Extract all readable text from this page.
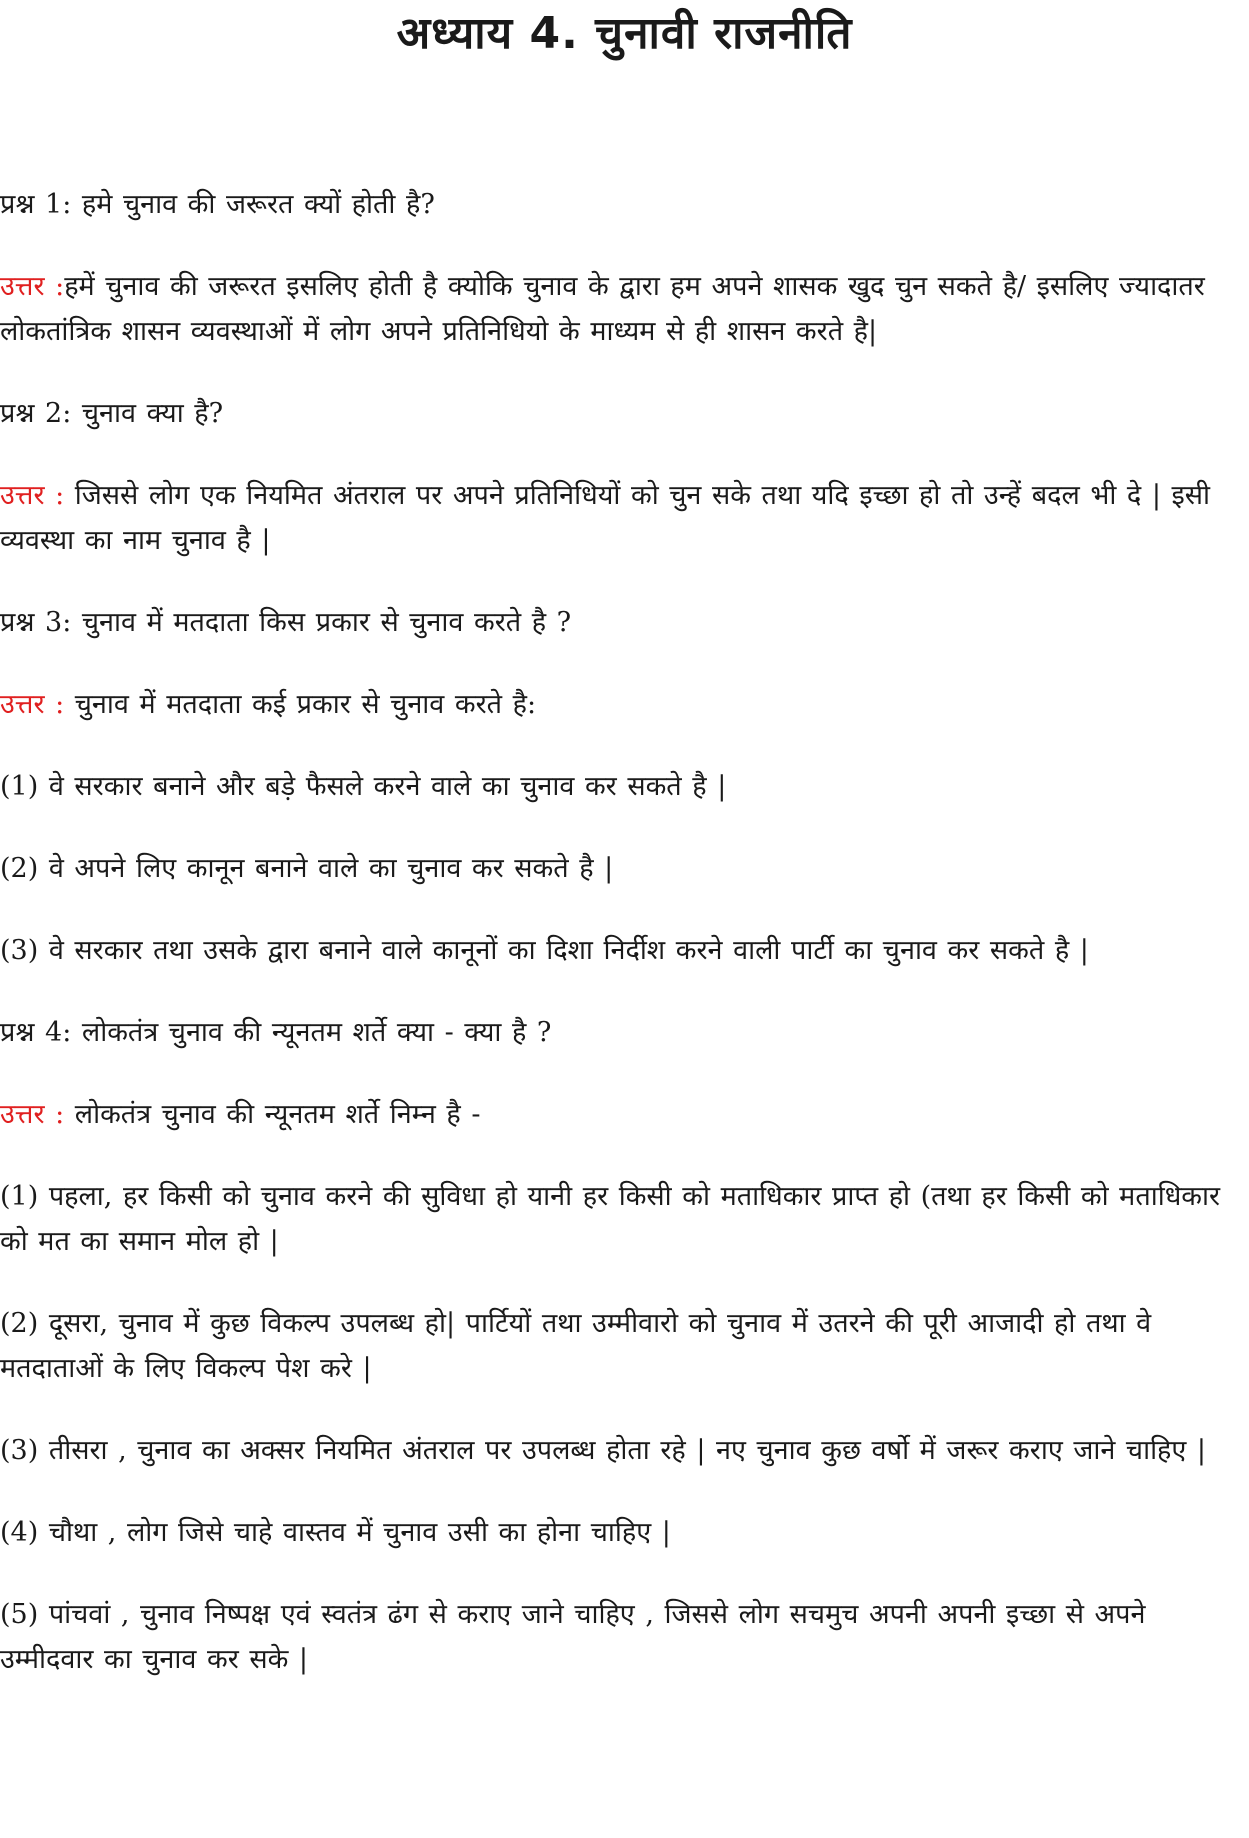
अध्याय 4. चुनावी राजनीति

प्रश्न 1: हमे चुनाव की जरूरत क्यों होती है?

उत्तर :हमें चुनाव की जरूरत इसलिए होती है क्योकि चुनाव के द्वारा हम अपने शासक खुद चुन सकते है/ इसलिए ज्यादातर लोकतांत्रिक शासन व्यवस्थाओं में लोग अपने प्रतिनिधियो के माध्यम से ही शासन करते है|

प्रश्न 2: चुनाव क्या है?

उत्तर : जिससे लोग एक नियमित अंतराल पर अपने प्रतिनिधियों को चुन सके तथा यदि इच्छा हो तो उन्हें बदल भी दे | इसी व्यवस्था का नाम चुनाव है |

प्रश्न 3: चुनाव में मतदाता किस प्रकार से चुनाव करते है ?

उत्तर : चुनाव में मतदाता कई प्रकार से चुनाव करते है:

(1) वे सरकार बनाने और बड़े फैसले करने वाले का चुनाव कर सकते है |

(2) वे अपने लिए कानून बनाने वाले का चुनाव कर सकते है |

(3) वे सरकार तथा उसके द्वारा बनाने वाले कानूनों का दिशा निर्दीश करने वाली पार्टी का चुनाव कर सकते है |

प्रश्न 4: लोकतंत्र चुनाव की न्यूनतम शर्ते क्या - क्या है ?

उत्तर : लोकतंत्र चुनाव की न्यूनतम शर्ते निम्न है -

(1) पहला, हर किसी को चुनाव करने की सुविधा हो यानी हर किसी को मताधिकार प्राप्त हो (तथा हर किसी को मताधिकार को मत का समान मोल हो |

(2) दूसरा, चुनाव में कुछ विकल्प उपलब्ध हो| पार्टियों तथा उम्मीवारो को चुनाव में उतरने की पूरी आजादी हो तथा वे मतदाताओं के लिए विकल्प पेश करे |

(3) तीसरा , चुनाव का अक्सर नियमित अंतराल पर उपलब्ध होता रहे | नए चुनाव कुछ वर्षो में जरूर कराए जाने चाहिए |

(4) चौथा , लोग जिसे चाहे वास्तव में चुनाव उसी का होना चाहिए |

(5) पांचवां , चुनाव निष्पक्ष एवं स्वतंत्र ढंग से कराए जाने चाहिए , जिससे लोग सचमुच अपनी अपनी इच्छा से अपने उम्मीदवार का चुनाव कर सके |
